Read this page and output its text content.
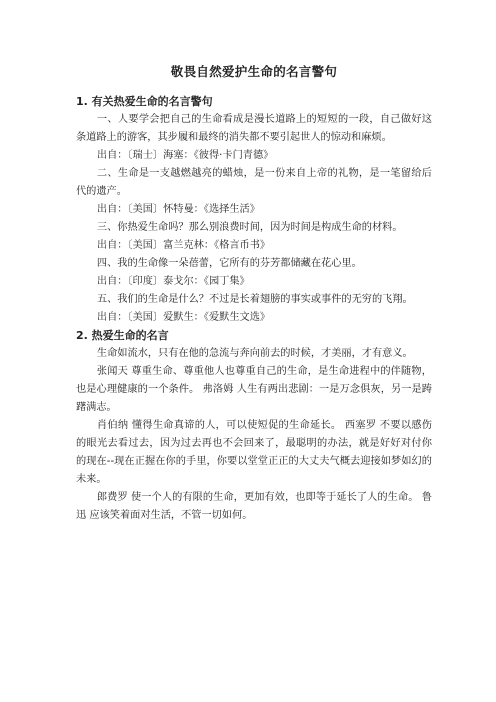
敬畏自然爱护生命的名言警句
1. 有关热爱生命的名言警句
一、人要学会把自己的生命看成是漫长道路上的短短的一段，自己做好这条道路上的游客，其步履和最终的消失都不要引起世人的惊动和麻烦。
出自：〔瑞士〕海塞：《彼得·卡门青德》
二、生命是一支越燃越亮的蜡烛，是一份来自上帝的礼物，是一笔留给后代的遗产。
出自：〔美国〕怀特曼：《选择生活》
三、你热爱生命吗？那么别浪费时间，因为时间是构成生命的材料。
出自：〔美国〕富兰克林：《格言币书》
四、我的生命像一朵蓓蕾，它所有的芬芳都储藏在花心里。
出自：〔印度〕泰戈尔：《园丁集》
五、我们的生命是什么？不过是长着翅膀的事实或事件的无穷的飞翔。
出自：〔美国〕爱默生：《爱默生文选》
2. 热爱生命的名言
生命如流水，只有在他的急流与奔向前去的时候，才美丽，才有意义。
张闻天 尊重生命、尊重他人也尊重自己的生命，是生命进程中的伴随物，也是心理健康的一个条件。 弗洛姆 人生有两出悲剧：一是万念俱灰，另一是踌躇满志。
肖伯纳 懂得生命真谛的人，可以使短促的生命延长。 西塞罗 不要以感伤的眼光去看过去，因为过去再也不会回来了，最聪明的办法，就是好好对付你的现在--现在正握在你的手里，你要以堂堂正正的大丈夫气概去迎接如梦如幻的未来。
郎费罗 使一个人的有限的生命，更加有效，也即等于延长了人的生命。 鲁迅 应该笑着面对生活，不管一切如何。
